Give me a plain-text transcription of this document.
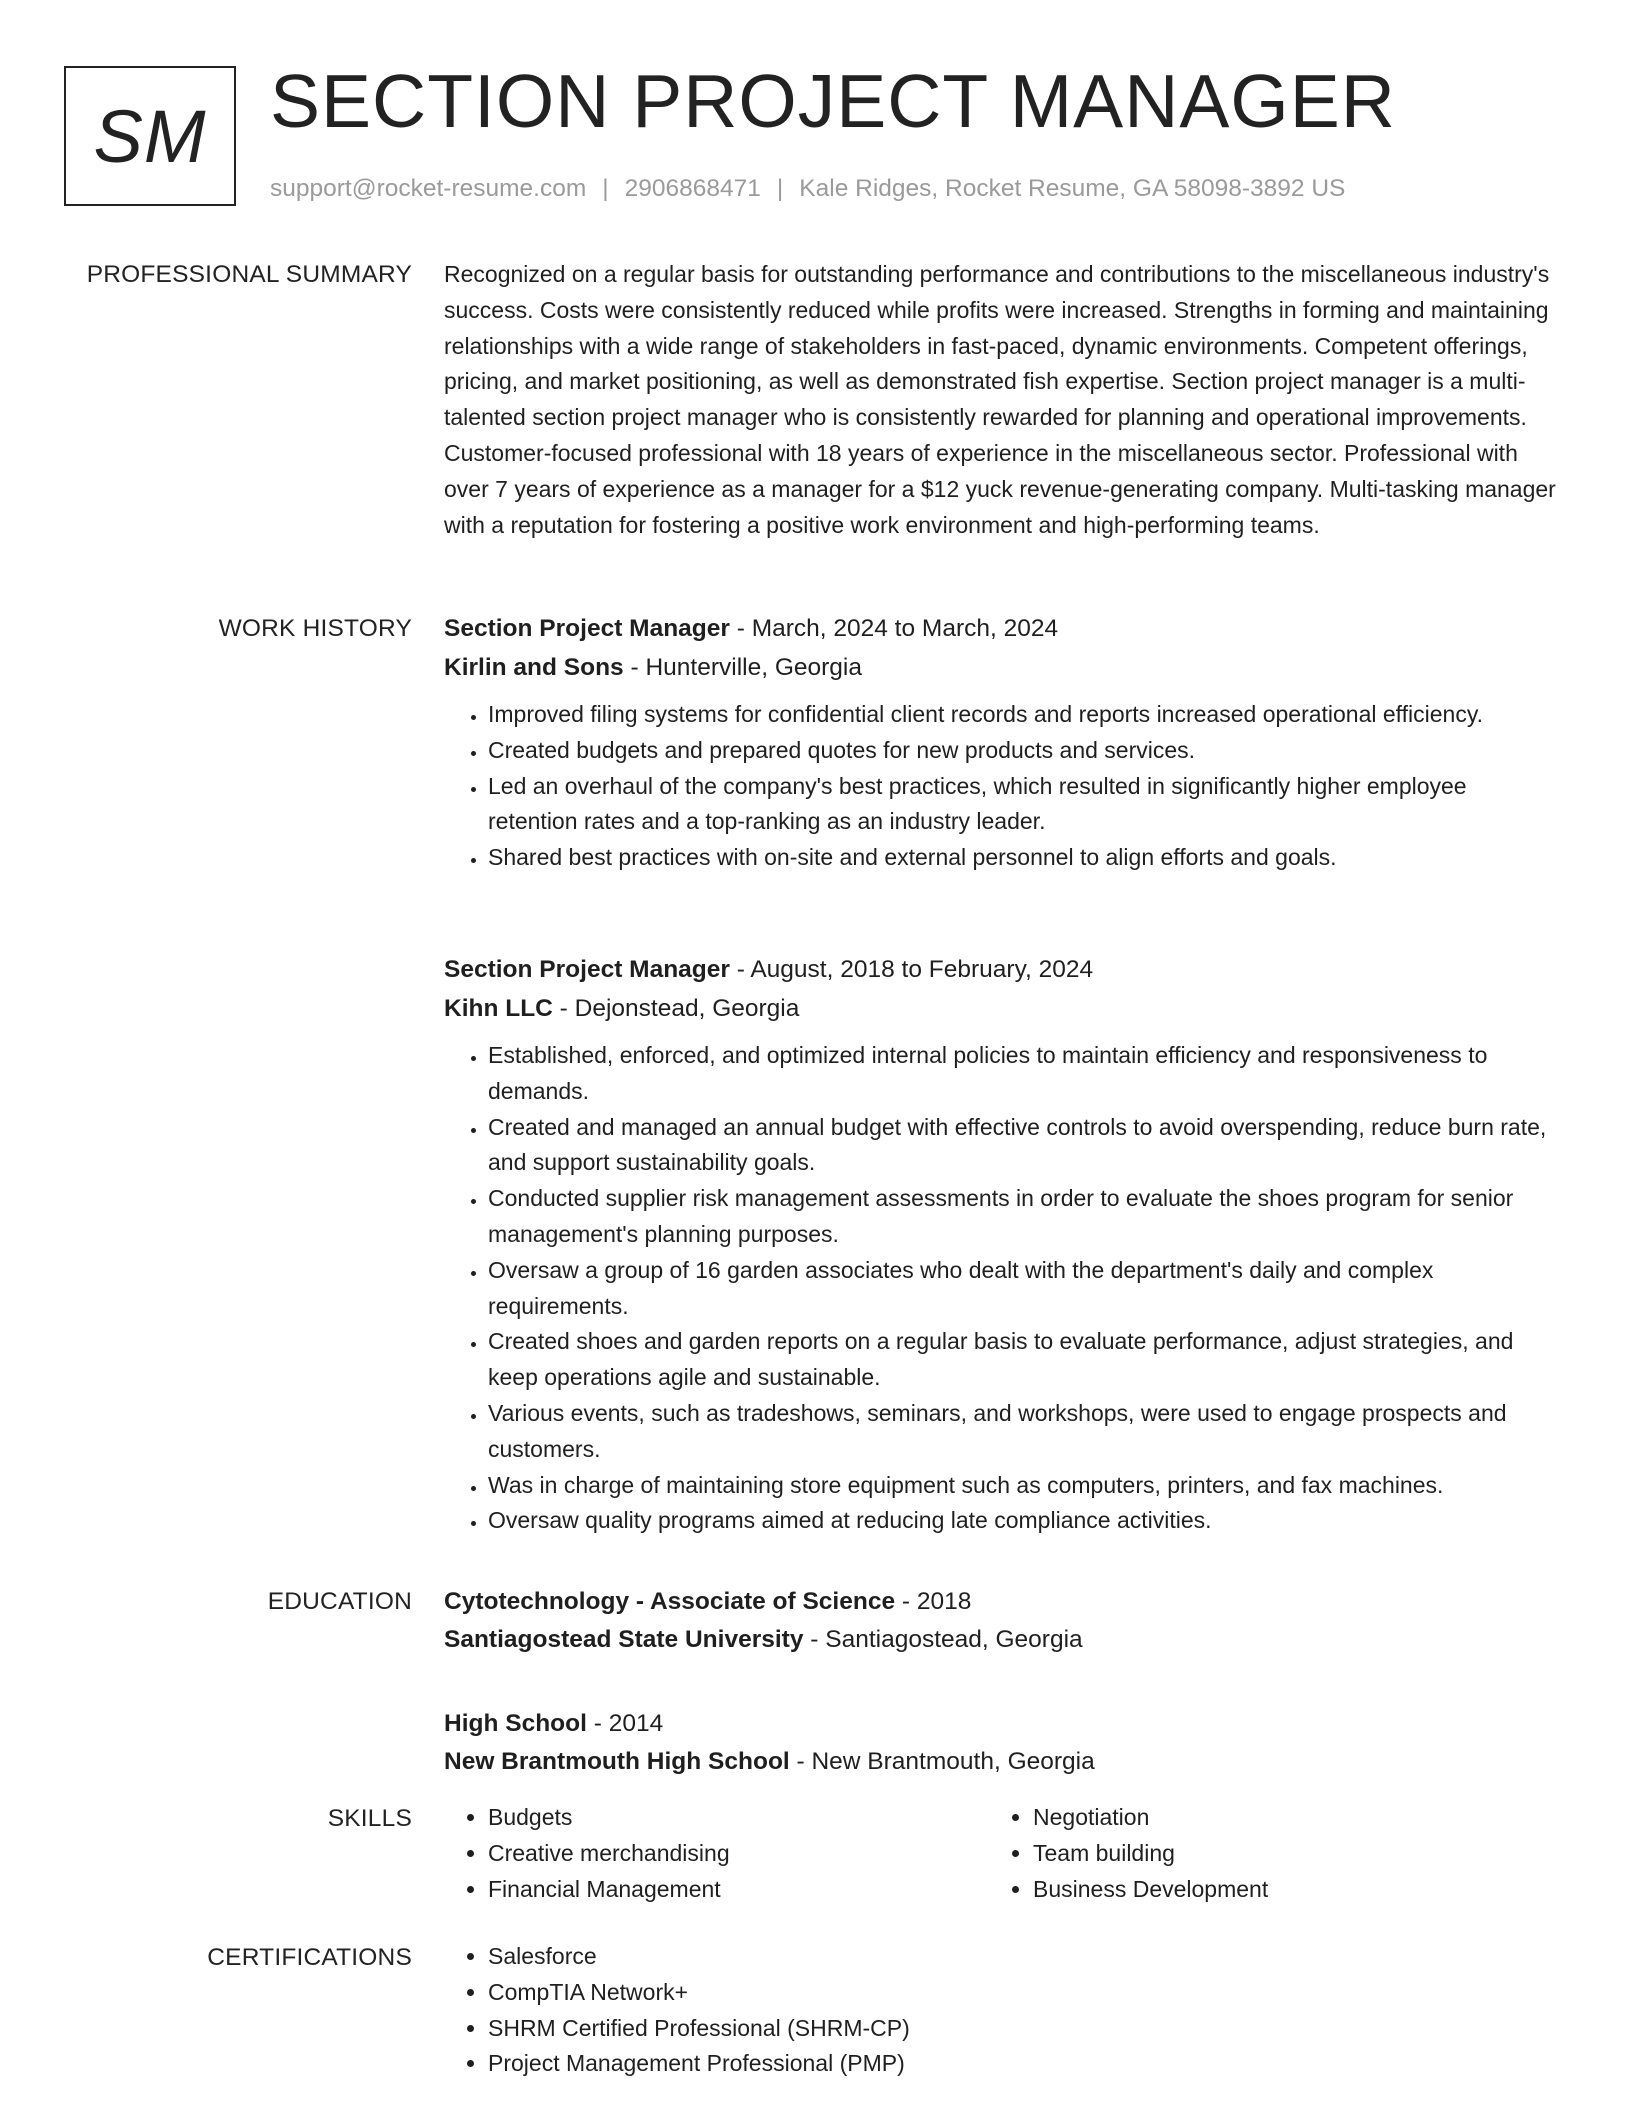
SM SECTION PROJECT MANAGER
support@rocket-resume.com | 2906868471 | Kale Ridges, Rocket Resume, GA 58098-3892 US
PROFESSIONAL SUMMARY Recognized on a regular basis for outstanding performance and contributions to the miscellaneous industry's success. Costs were consistently reduced while profits were increased. Strengths in forming and maintaining relationships with a wide range of stakeholders in fast-paced, dynamic environments. Competent offerings, pricing, and market positioning, as well as demonstrated fish expertise. Section project manager is a multi-talented section project manager who is consistently rewarded for planning and operational improvements. Customer-focused professional with 18 years of experience in the miscellaneous sector. Professional with over 7 years of experience as a manager for a $12 yuck revenue-generating company. Multi-tasking manager with a reputation for fostering a positive work environment and high-performing teams.

WORK HISTORY Section Project Manager - March, 2024 to March, 2024

Kirlin and Sons - Hunterville, Georgia

• Improved filing systems for confidential client records and reports increased operational efficiency.
• Created budgets and prepared quotes for new products and services.
• Led an overhaul of the company's best practices, which resulted in significantly higher employee retention rates and a top-ranking as an industry leader.
• Shared best practices with on-site and external personnel to align efforts and goals.

Section Project Manager - August, 2018 to February, 2024

Kihn LLC - Dejonstead, Georgia

• Established, enforced, and optimized internal policies to maintain efficiency and responsiveness to demands.
• Created and managed an annual budget with effective controls to avoid overspending, reduce burn rate, and support sustainability goals.
• Conducted supplier risk management assessments in order to evaluate the shoes program for senior management's planning purposes.
• Oversaw a group of 16 garden associates who dealt with the department's daily and complex requirements.
• Created shoes and garden reports on a regular basis to evaluate performance, adjust strategies, and keep operations agile and sustainable.
• Various events, such as tradeshows, seminars, and workshops, were used to engage prospects and customers.
• Was in charge of maintaining store equipment such as computers, printers, and fax machines.
• Oversaw quality programs aimed at reducing late compliance activities.
EDUCATION Cytotechnology - Associate of Science - 2018

Santiagostead State University - Santiagostead, Georgia

High School - 2014

New Brantmouth High School - New Brantmouth, Georgia

SKILLS	• Budgets
• Creative merchandising
• Financial Management
• Negotiation
• Team building
• Business Development
CERTIFICATIONS	• Salesforce
• CompTIA Network+
• SHRM Certified Professional (SHRM-CP)
• Project Management Professional (PMP)
